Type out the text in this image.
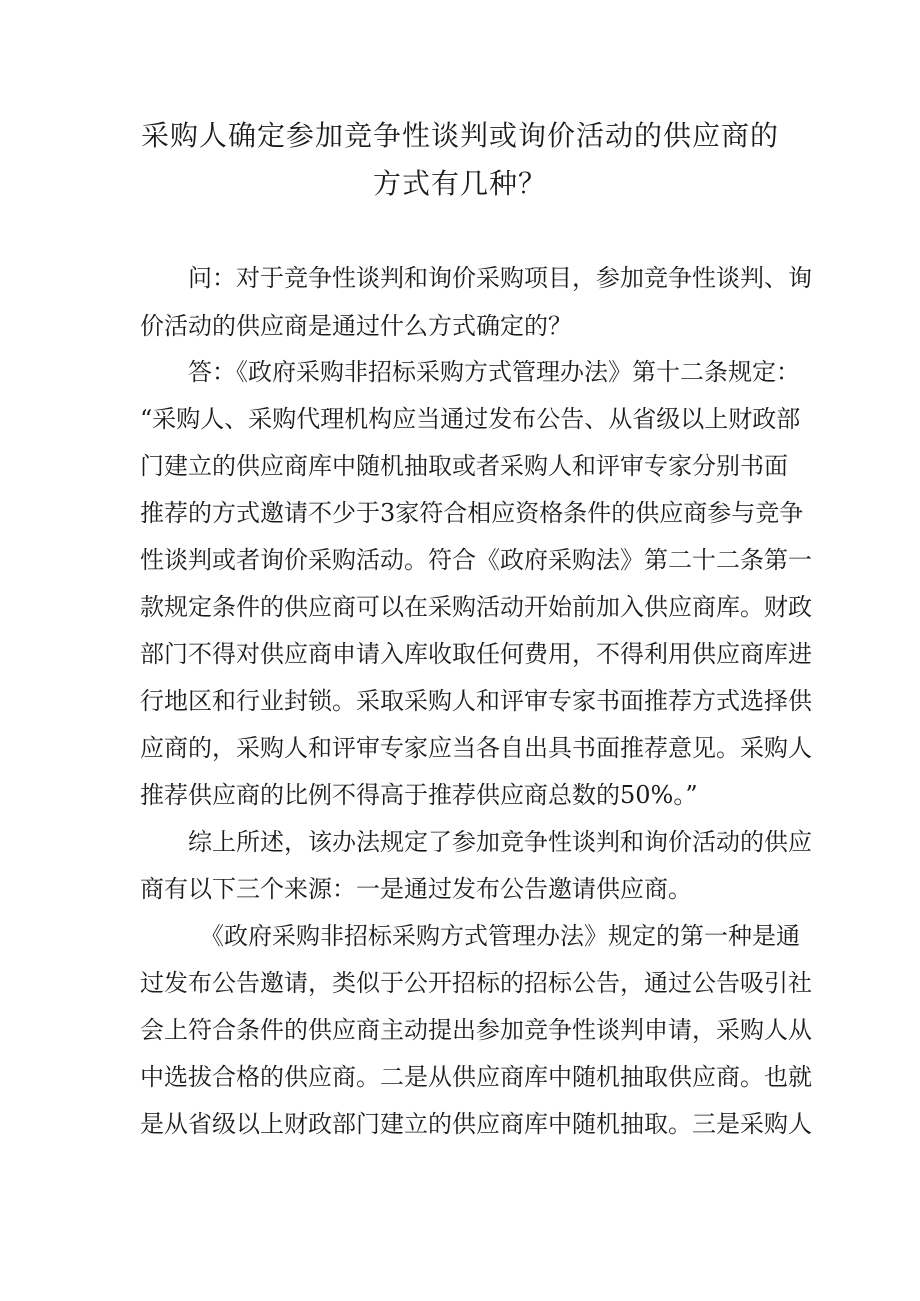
采购人确定参加竞争性谈判或询价活动的供应商的
方式有几种？

问：对于竞争性谈判和询价采购项目，参加竞争性谈判、询

价活动的供应商是通过什么方式确定的？

答：《政府采购非招标采购方式管理办法》第十二条规定：

“采购人、采购代理机构应当通过发布公告、从省级以上财政部

门建立的供应商库中随机抽取或者采购人和评审专家分别书面

推荐的方式邀请不少于3家符合相应资格条件的供应商参与竞争

性谈判或者询价采购活动。符合《政府采购法》第二十二条第一

款规定条件的供应商可以在采购活动开始前加入供应商库。财政

部门不得对供应商申请入库收取任何费用，不得利用供应商库进

行地区和行业封锁。采取采购人和评审专家书面推荐方式选择供

应商的，采购人和评审专家应当各自出具书面推荐意见。采购人

推荐供应商的比例不得高于推荐供应商总数的50%。”

综上所述，该办法规定了参加竞争性谈判和询价活动的供应

商有以下三个来源：一是通过发布公告邀请供应商。

《政府采购非招标采购方式管理办法》规定的第一种是通

过发布公告邀请，类似于公开招标的招标公告，通过公告吸引社

会上符合条件的供应商主动提出参加竞争性谈判申请，采购人从

中选拔合格的供应商。二是从供应商库中随机抽取供应商。也就

是从省级以上财政部门建立的供应商库中随机抽取。三是采购人
